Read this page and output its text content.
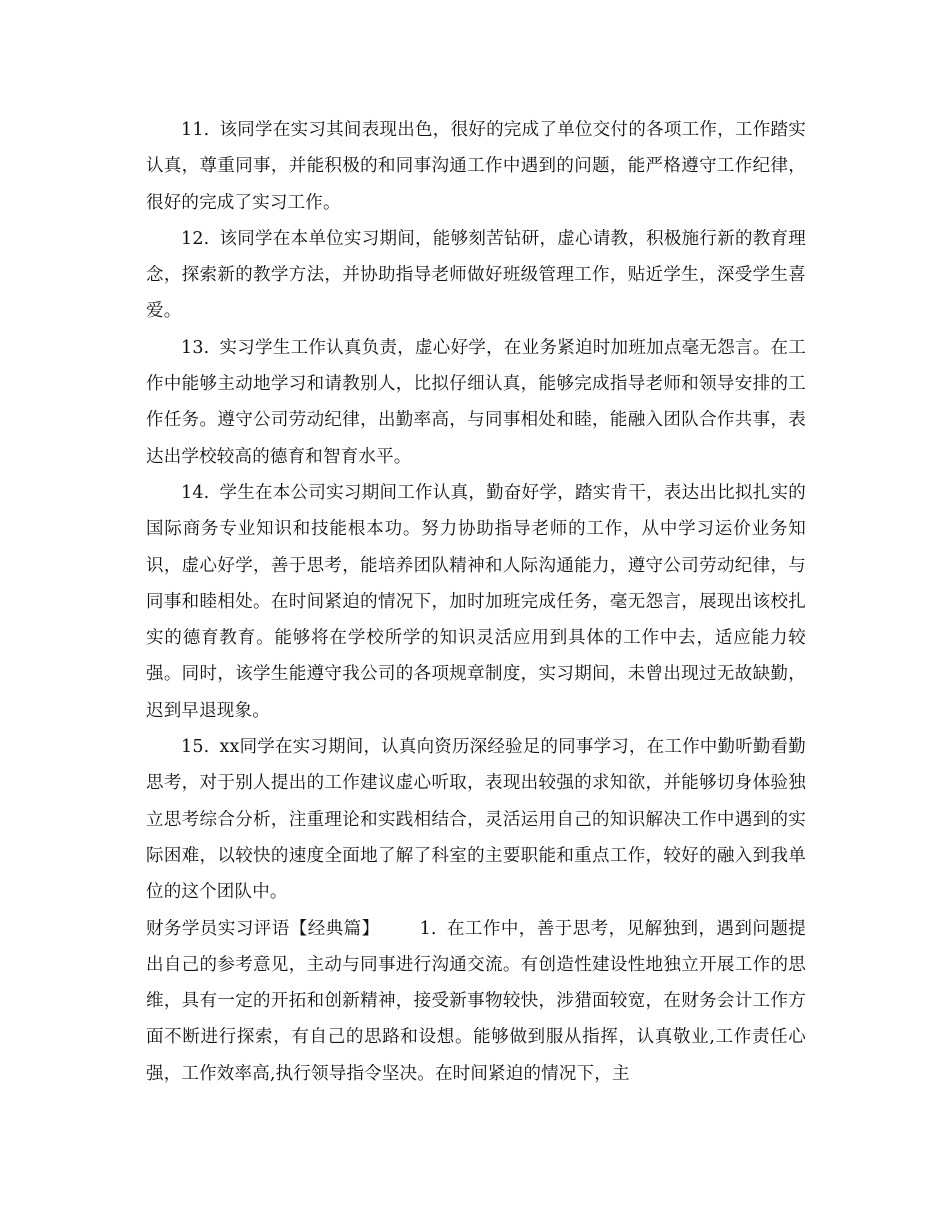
11. 该同学在实习其间表现出色，很好的完成了单位交付的各项工作，工作踏实认真，尊重同事，并能积极的和同事沟通工作中遇到的问题，能严格遵守工作纪律，很好的完成了实习工作。

12. 该同学在本单位实习期间，能够刻苦钻研，虚心请教，积极施行新的教育理念，探索新的教学方法，并协助指导老师做好班级管理工作，贴近学生，深受学生喜爱。

13. 实习学生工作认真负责，虚心好学，在业务紧迫时加班加点毫无怨言。在工作中能够主动地学习和请教别人，比拟仔细认真，能够完成指导老师和领导安排的工作任务。遵守公司劳动纪律，出勤率高，与同事相处和睦，能融入团队合作共事，表达出学校较高的德育和智育水平。

14. 学生在本公司实习期间工作认真，勤奋好学，踏实肯干，表达出比拟扎实的国际商务专业知识和技能根本功。努力协助指导老师的工作，从中学习运价业务知识，虚心好学，善于思考，能培养团队精神和人际沟通能力，遵守公司劳动纪律，与同事和睦相处。在时间紧迫的情况下，加时加班完成任务，毫无怨言，展现出该校扎实的德育教育。能够将在学校所学的知识灵活应用到具体的工作中去，适应能力较强。同时，该学生能遵守我公司的各项规章制度，实习期间，未曾出现过无故缺勤，迟到早退现象。

15. xx同学在实习期间，认真向资历深经验足的同事学习，在工作中勤听勤看勤思考，对于别人提出的工作建议虚心听取，表现出较强的求知欲，并能够切身体验独立思考综合分析，注重理论和实践相结合，灵活运用自己的知识解决工作中遇到的实际困难，以较快的速度全面地了解了科室的主要职能和重点工作，较好的融入到我单位的这个团队中。

财务学员实习评语【经典篇】 1. 在工作中，善于思考，见解独到，遇到问题提出自己的参考意见，主动与同事进行沟通交流。有创造性建设性地独立开展工作的思维，具有一定的开拓和创新精神，接受新事物较快，涉猎面较宽，在财务会计工作方面不断进行探索，有自己的思路和设想。能够做到服从指挥，认真敬业,工作责任心强，工作效率高,执行领导指令坚决。在时间紧迫的情况下，主
